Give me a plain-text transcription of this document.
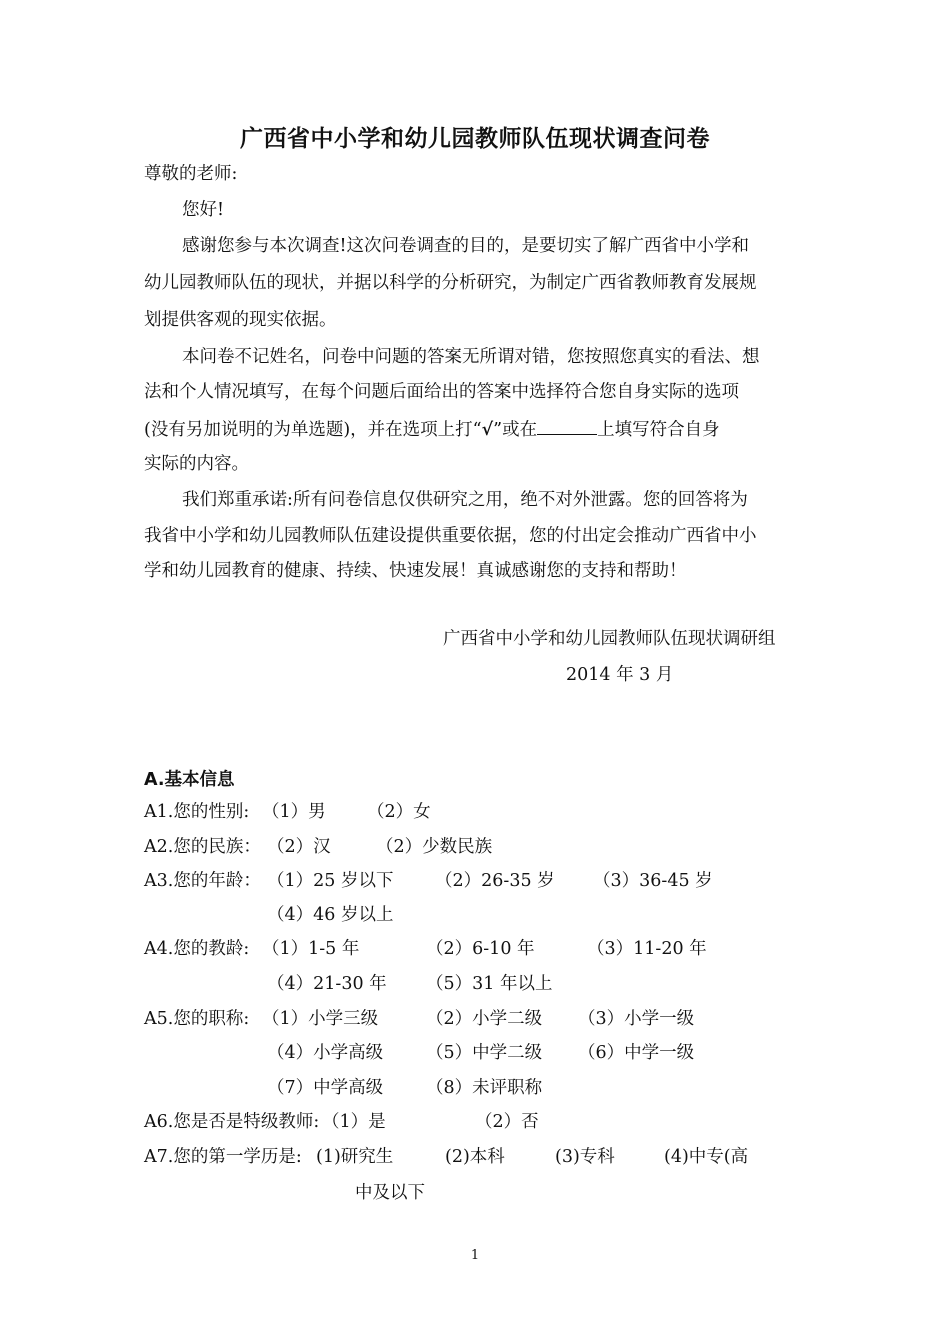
广西省中小学和幼儿园教师队伍现状调查问卷
尊敬的老师:
您好!
感谢您参与本次调查!这次问卷调查的目的，是要切实了解广西省中小学和
幼儿园教师队伍的现状，并据以科学的分析研究，为制定广西省教师教育发展规
划提供客观的现实依据。
本问卷不记姓名，问卷中问题的答案无所谓对错，您按照您真实的看法、想
法和个人情况填写，在每个问题后面给出的答案中选择符合您自身实际的选项
(没有另加说明的为单选题)，并在选项上打“√”或在	上填写符合自身
实际的内容。
我们郑重承诺:所有问卷信息仅供研究之用，绝不对外泄露。您的回答将为
我省中小学和幼儿园教师队伍建设提供重要依据，您的付出定会推动广西省中小
学和幼儿园教育的健康、持续、快速发展！真诚感谢您的支持和帮助！
广西省中小学和幼儿园教师队伍现状调研组
2014 年 3 月
A.基本信息
A1.您的性别: （1）男 （2）女
A2.您的民族： （2）汉	（2）少数民族
A3.您的年龄： （1）25 岁以下 （2）26-35 岁 （3）36-45 岁
（4）46 岁以上
A4.您的教龄: （1）1-5 年	（2）6-10 年	（3）11-20 年
（4）21-30 年 （5）31 年以上
A5.您的职称: （1）小学三级	（2）小学二级 （3）小学一级
（4）小学高级 （5）中学二级 （6）中学一级
（7）中学高级 （8）未评职称
A6.您是否是特级教师: （1）是	（2）否
A7.您的第一学历是: (1)研究生	(2)本科	(3)专科	(4)中专(高
中及以下
1
